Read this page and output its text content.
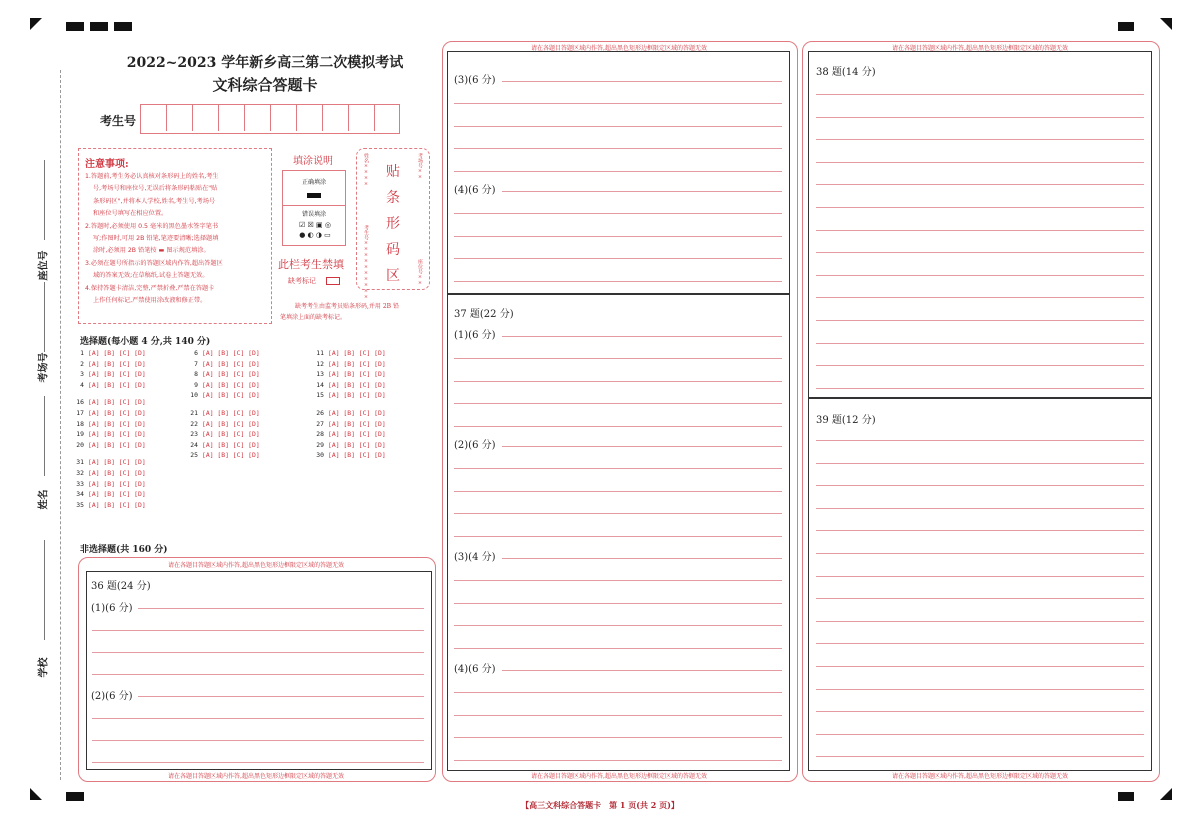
座位号
考场号
姓名
学校
2022~2023 学年新乡高三第二次模拟考试
文科综合答题卡
考生号
注意事项:
1.答题前,考生务必认真核对条形码上的姓名,考生
号,考场号和座位号,无误后将条形码粘贴在"贴
条形码区",并将本人学校,姓名,考生号,考场号
和座位号填写在相应位置。
2.答题时,必须使用 0.5 毫米的黑色墨水签字笔书
写;作图时,可用 2B 铅笔,笔迹要清晰;选择题填
涂时,必须用 2B 铅笔按 ▬ 图示规范填涂。
3.必须在题号所指示的答题区域内作答,超出答题区
域的答案无效;在草稿纸,试卷上答题无效。
4.保持答题卡清洁,完整,严禁折叠,严禁在答题卡
上作任何标记,严禁使用涂改液和修正带。
填涂说明
正确填涂
错误填涂
☑ ☒ ▣ ◎
● ◐ ◑ ▭
此栏考生禁填
缺考标记
缺考考生由监考员贴条形码,并用 2B 铅
笔填涂上面的缺考标记。
姓名××××	考场号××
考生号××××××××××	座位号××
贴
条
形
码
区
选择题(每小题 4 分,共 140 分)
1 [A] [B] [C] [D]
2 [A] [B] [C] [D]
3 [A] [B] [C] [D]
4 [A] [B] [C] [D]
16 [A] [B] [C] [D]
17 [A] [B] [C] [D]
18 [A] [B] [C] [D]
19 [A] [B] [C] [D]
20 [A] [B] [C] [D]
31 [A] [B] [C] [D]
32 [A] [B] [C] [D]
33 [A] [B] [C] [D]
34 [A] [B] [C] [D]
35 [A] [B] [C] [D]
6 [A] [B] [C] [D]
7 [A] [B] [C] [D]
8 [A] [B] [C] [D]
9 [A] [B] [C] [D]
10 [A] [B] [C] [D]
21 [A] [B] [C] [D]
22 [A] [B] [C] [D]
23 [A] [B] [C] [D]
24 [A] [B] [C] [D]
25 [A] [B] [C] [D]
11 [A] [B] [C] [D]
12 [A] [B] [C] [D]
13 [A] [B] [C] [D]
14 [A] [B] [C] [D]
15 [A] [B] [C] [D]
26 [A] [B] [C] [D]
27 [A] [B] [C] [D]
28 [A] [B] [C] [D]
29 [A] [B] [C] [D]
30 [A] [B] [C] [D]
非选择题(共 160 分)
请在各题目答题区域内作答,超出黑色矩形边框限定区域的答题无效
36 题(24 分)
(1)(6 分)
(2)(6 分)
请在各题目答题区域内作答,超出黑色矩形边框限定区域的答题无效
请在各题目答题区域内作答,超出黑色矩形边框限定区域的答题无效
(3)(6 分)
(4)(6 分)
37 题(22 分)
(1)(6 分)
(2)(6 分)
(3)(4 分)
(4)(6 分)
请在各题目答题区域内作答,超出黑色矩形边框限定区域的答题无效
请在各题目答题区域内作答,超出黑色矩形边框限定区域的答题无效
38 题(14 分)
39 题(12 分)
请在各题目答题区域内作答,超出黑色矩形边框限定区域的答题无效
【高三文科综合答题卡　第 1 页(共 2 页)】
